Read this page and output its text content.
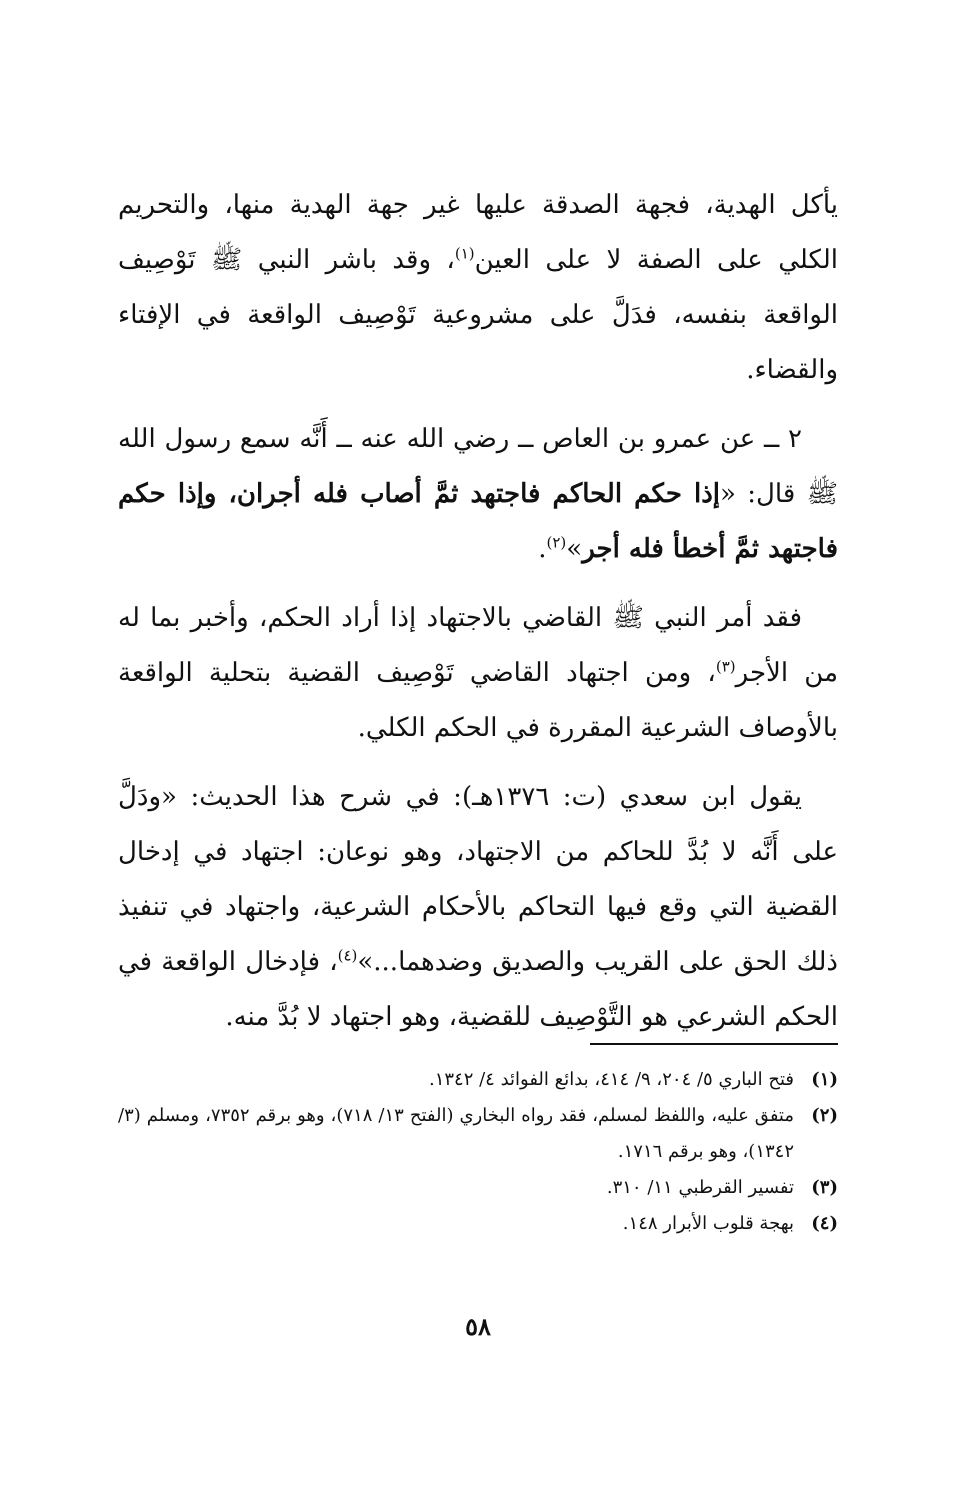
يأكل الهدية، فجهة الصدقة عليها غير جهة الهدية منها، والتحريم الكلي على الصفة لا على العين$^{(١)}$، وقد باشر النبي ﷺ تَوْصِيف الواقعة بنفسه، فدَلَّ على مشروعية تَوْصِيف الواقعة في الإفتاء والقضاء.

٢ ــ عن عمرو بن العاص ــ رضي الله عنه ــ أَنَّه سمع رسول الله ﷺ قال: «إذا حكم الحاكم فاجتهد ثمَّ أصاب فله أجران، وإذا حكم فاجتهد ثمَّ أخطأ فله أجر»$^{(٢)}$.

فقد أمر النبي ﷺ القاضي بالاجتهاد إذا أراد الحكم، وأخبر بما له من الأجر$^{(٣)}$، ومن اجتهاد القاضي تَوْصِيف القضية بتحلية الواقعة بالأوصاف الشرعية المقررة في الحكم الكلي.

يقول ابن سعدي (ت: ١٣٧٦هـ): في شرح هذا الحديث: «ودَلَّ على أَنَّه لا بُدَّ للحاكم من الاجتهاد، وهو نوعان: اجتهاد في إدخال القضية التي وقع فيها التحاكم بالأحكام الشرعية، واجتهاد في تنفيذ ذلك الحق على القريب والصديق وضدهما...»$^{(٤)}$، فإدخال الواقعة في الحكم الشرعي هو التَّوْصِيف للقضية، وهو اجتهاد لا بُدَّ منه.

(١)
فتح الباري ٥/ ٢٠٤، ٩/ ٤١٤، بدائع الفوائد ٤/ ١٣٤٢.
(٢)
متفق عليه، واللفظ لمسلم، فقد رواه البخاري (الفتح ١٣/ ٧١٨)، وهو برقم ٧٣٥٢، ومسلم (٣/ ١٣٤٢)، وهو برقم ١٧١٦.
(٣)
تفسير القرطبي ١١/ ٣١٠.
(٤)
بهجة قلوب الأبرار ١٤٨.
٥٨
